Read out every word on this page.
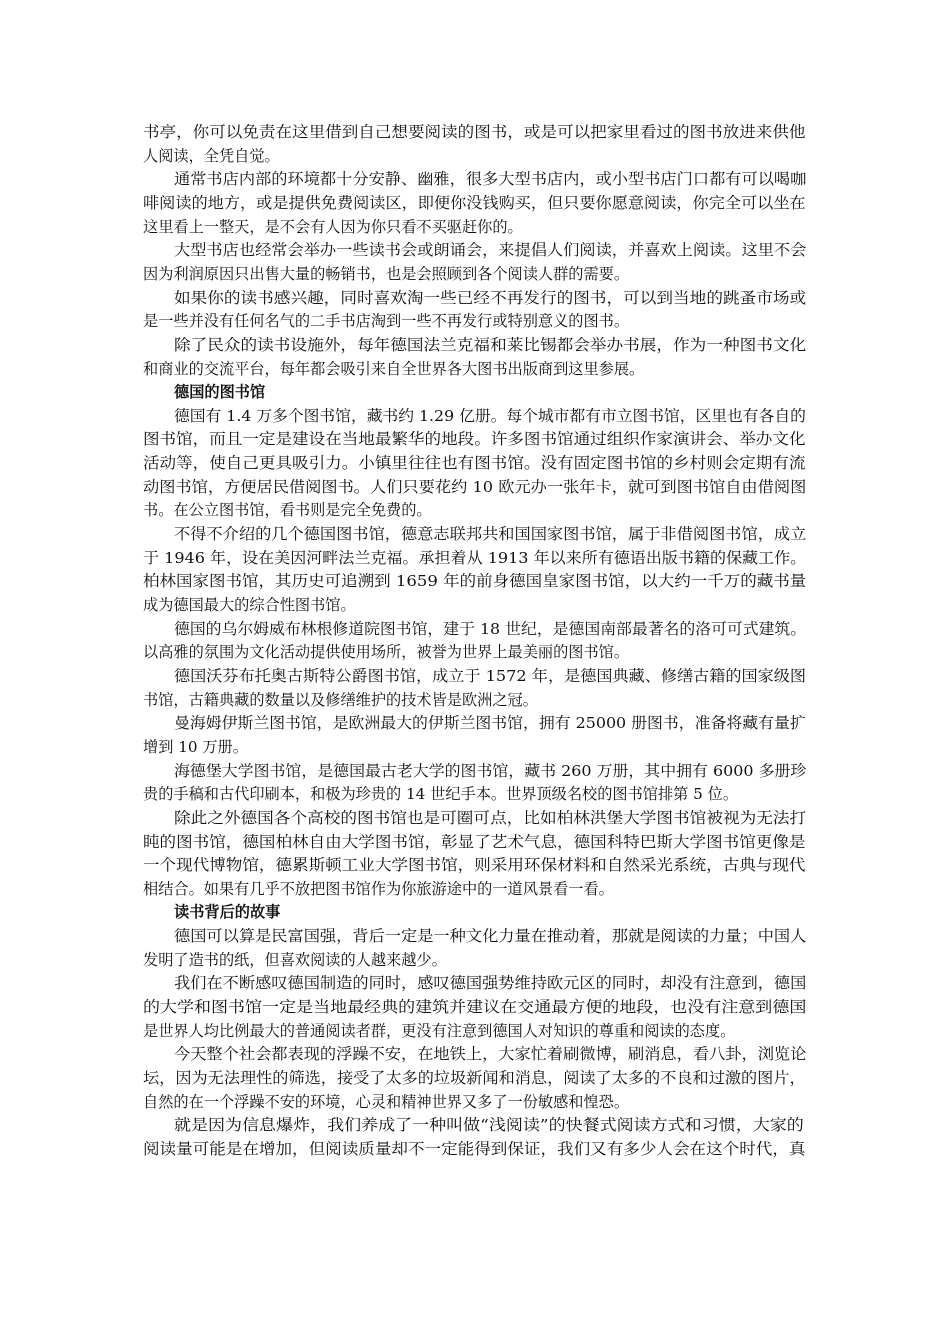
书亭，你可以免责在这里借到自己想要阅读的图书，或是可以把家里看过的图书放进来供他
人阅读，全凭自觉。
通常书店内部的环境都十分安静、幽雅，很多大型书店内，或小型书店门口都有可以喝咖
啡阅读的地方，或是提供免费阅读区，即便你没钱购买，但只要你愿意阅读，你完全可以坐在
这里看上一整天，是不会有人因为你只看不买驱赶你的。
大型书店也经常会举办一些读书会或朗诵会，来提倡人们阅读，并喜欢上阅读。这里不会
因为利润原因只出售大量的畅销书，也是会照顾到各个阅读人群的需要。
如果你的读书感兴趣，同时喜欢淘一些已经不再发行的图书，可以到当地的跳蚤市场或
是一些并没有任何名气的二手书店淘到一些不再发行或特别意义的图书。
除了民众的读书设施外，每年德国法兰克福和莱比锡都会举办书展，作为一种图书文化
和商业的交流平台，每年都会吸引来自全世界各大图书出版商到这里参展。
德国的图书馆
德国有 1.4 万多个图书馆，藏书约 1.29 亿册。每个城市都有市立图书馆，区里也有各自的
图书馆，而且一定是建设在当地最繁华的地段。许多图书馆通过组织作家演讲会、举办文化
活动等，使自己更具吸引力。小镇里往往也有图书馆。没有固定图书馆的乡村则会定期有流
动图书馆，方便居民借阅图书。人们只要花约 10 欧元办一张年卡，就可到图书馆自由借阅图
书。在公立图书馆，看书则是完全免费的。
不得不介绍的几个德国图书馆，德意志联邦共和国国家图书馆，属于非借阅图书馆，成立
于 1946 年，设在美因河畔法兰克福。承担着从 1913 年以来所有德语出版书籍的保藏工作。
柏林国家图书馆，其历史可追溯到 1659 年的前身德国皇家图书馆，以大约一千万的藏书量
成为德国最大的综合性图书馆。
德国的乌尔姆威布林根修道院图书馆，建于 18 世纪，是德国南部最著名的洛可可式建筑。
以高雅的氛围为文化活动提供使用场所，被誉为世界上最美丽的图书馆。
德国沃芬布托奥古斯特公爵图书馆，成立于 1572 年，是德国典藏、修缮古籍的国家级图
书馆，古籍典藏的数量以及修缮维护的技术皆是欧洲之冠。
曼海姆伊斯兰图书馆，是欧洲最大的伊斯兰图书馆，拥有 25000 册图书，准备将藏有量扩
增到 10 万册。
海德堡大学图书馆，是德国最古老大学的图书馆，藏书 260 万册，其中拥有 6000 多册珍
贵的手稿和古代印刷本，和极为珍贵的 14 世纪手本。世界顶级名校的图书馆排第 5 位。
除此之外德国各个高校的图书馆也是可圈可点，比如柏林洪堡大学图书馆被视为无法打
盹的图书馆，德国柏林自由大学图书馆，彰显了艺术气息，德国科特巴斯大学图书馆更像是
一个现代博物馆，德累斯顿工业大学图书馆，则采用环保材料和自然采光系统，古典与现代
相结合。如果有几乎不放把图书馆作为你旅游途中的一道风景看一看。
读书背后的故事
德国可以算是民富国强，背后一定是一种文化力量在推动着，那就是阅读的力量；中国人
发明了造书的纸，但喜欢阅读的人越来越少。
我们在不断感叹德国制造的同时，感叹德国强势维持欧元区的同时，却没有注意到，德国
的大学和图书馆一定是当地最经典的建筑并建议在交通最方便的地段，也没有注意到德国
是世界人均比例最大的普通阅读者群，更没有注意到德国人对知识的尊重和阅读的态度。
今天整个社会都表现的浮躁不安，在地铁上，大家忙着刷微博，刷消息，看八卦，浏览论
坛，因为无法理性的筛选，接受了太多的垃圾新闻和消息，阅读了太多的不良和过激的图片，
自然的在一个浮躁不安的环境，心灵和精神世界又多了一份敏感和惶恐。
就是因为信息爆炸，我们养成了一种叫做“浅阅读”的快餐式阅读方式和习惯，大家的
阅读量可能是在增加，但阅读质量却不一定能得到保证，我们又有多少人会在这个时代，真
